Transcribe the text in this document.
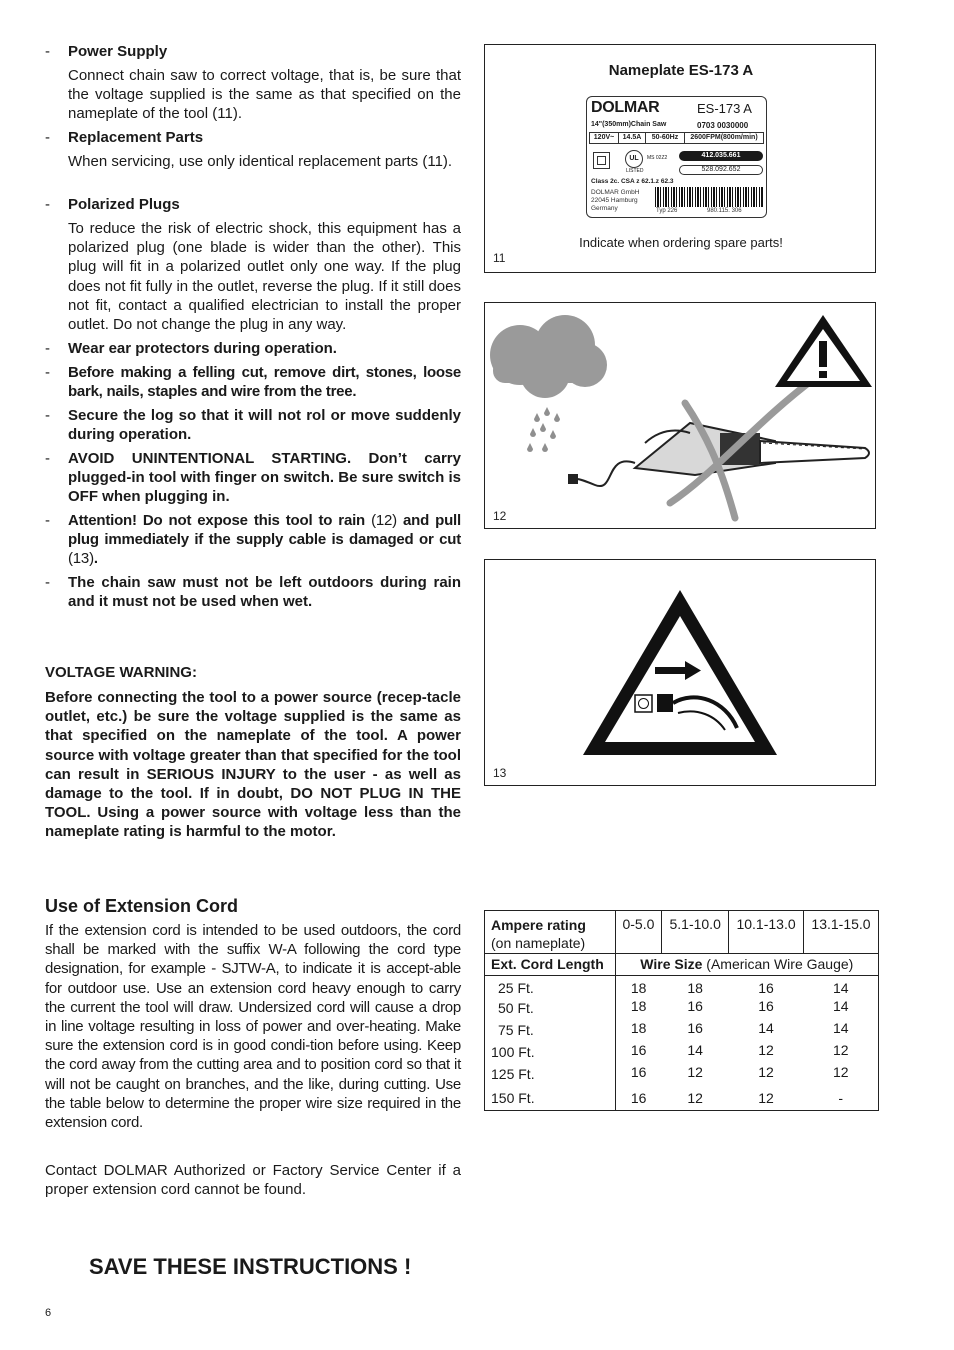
- Power Supply
Connect chain saw to correct voltage, that is, be sure that the voltage supplied is the same as that specified on the nameplate of the tool (11).
- Replacement Parts
When servicing, use only identical replacement parts (11).
- Polarized Plugs
To reduce the risk of electric shock, this equipment has a polarized plug (one blade is wider than the other). This plug will fit in a polarized outlet only one way. If the plug does not fit fully in the outlet, reverse the plug. If it still does not fit, contact a qualified electrician to install the proper outlet. Do not change the plug in any way.
- Wear ear protectors during operation.
- Before making a felling cut, remove dirt, stones, loose bark, nails, staples and wire from the tree.
- Secure the log so that it will not rol or move suddenly during operation.
- AVOID UNINTENTIONAL STARTING. Don’t carry plugged-in tool with finger on switch. Be sure switch is OFF when plugging in.
- Attention! Do not expose this tool to rain (12) and pull plug immediately if the supply cable is damaged or cut (13).
- The chain saw must not be left outdoors during rain and it must not be used when wet.
VOLTAGE WARNING:
Before connecting the tool to a power source (recep-tacle outlet, etc.) be sure the voltage supplied is the same as that specified on the nameplate of the tool. A power source with voltage greater than that specified for the tool can result in SERIOUS INJURY to the user - as well as damage to the tool. If in doubt, DO NOT PLUG IN THE TOOL. Using a power source with voltage less than the nameplate rating is harmful to the motor.
Use of Extension Cord
If the extension cord is intended to be used outdoors, the cord shall be marked with the suffix W-A following the cord type designation, for example - SJTW-A, to indicate it is accept-able for outdoor use. Use an extension cord heavy enough to carry the current the tool will draw. Undersized cord will cause a drop in line voltage resulting in loss of power and over-heating. Make sure the extension cord is in good condi-tion before using. Keep the cord away from the cutting area and to position cord so that it will not be caught on branches, and the like, during cutting. Use the table below to determine the proper wire size required in the extension cord.
Contact DOLMAR Authorized or Factory Service Center if a proper extension cord cannot be found.
SAVE THESE INSTRUCTIONS !
6
Nameplate ES-173 A
DOLMAR	ES-173 A
14"(350mm)Chain Saw	0703 0030000
120V~	14.5A	50-60Hz	2600FPM(800m/min)
UL	MS 02Z2
LISTED
412.035.661
528.092.652
Class 2c. CSA z 62.1.z 62.3
DOLMAR GmbH
22045 Hamburg
Germany	Typ 226	980.115. 306
Indicate when ordering spare parts!
11
12
13
Ampere rating
(on nameplate)	0-5.0	5.1-10.0	10.1-13.0	13.1-15.0
Ext. Cord Length	Wire Size (American Wire Gauge)			
25 Ft.	18	18	16	14
50 Ft.	18	16	16	14
75 Ft.	18	16	14	14
100 Ft.	16	14	12	12
125 Ft.	16	12	12	12
150 Ft.	16	12	12	-
